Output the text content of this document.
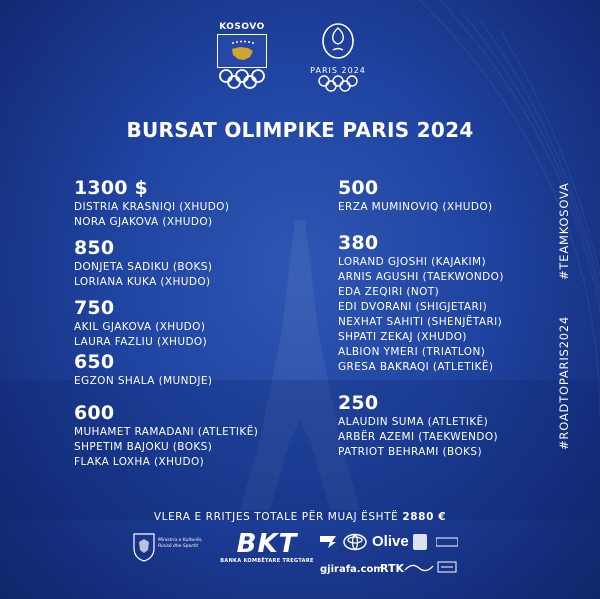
KOSOVO
PARIS 2024
BURSAT OLIMPIKE PARIS 2024
1300 $
DISTRIA KRASNIQI (XHUDO)
NORA GJAKOVA (XHUDO)
850
DONJETA SADIKU (BOKS)
LORIANA KUKA (XHUDO)
750
AKIL GJAKOVA (XHUDO)
LAURA FAZLIU (XHUDO)
650
EGZON SHALA (MUNDJE)
600
MUHAMET RAMADANI (ATLETIKË)
SHPETIM BAJOKU (BOKS)
FLAKA LOXHA (XHUDO)
500
ERZA MUMINOVIQ (XHUDO)
380
LORAND GJOSHI (KAJAKIM)
ARNIS AGUSHI (TAEKWONDO)
EDA ZEQIRI (NOT)
EDI DVORANI (SHIGJETARI)
NEXHAT SAHITI (SHENJËTARI)
SHPATI ZEKAJ (XHUDO)
ALBION YMERI (TRIATLON)
GRESA BAKRAQI (ATLETIKË)
250
ALAUDIN SUMA (ATLETIKË)
ARBËR AZEMI (TAEKWENDO)
PATRIOT BEHRAMI (BOKS)
#TEAMKOSOVA
#ROADTOPARIS2024
VLERA E RRITJES TOTALE PËR MUAJ ËSHTË 2880 €
Ministria e Kulturës, Rinisë dhe Sportit	BKT
BANKA KOMBËTARE TREGTARE
Olive
gjirafa.com
RTK
